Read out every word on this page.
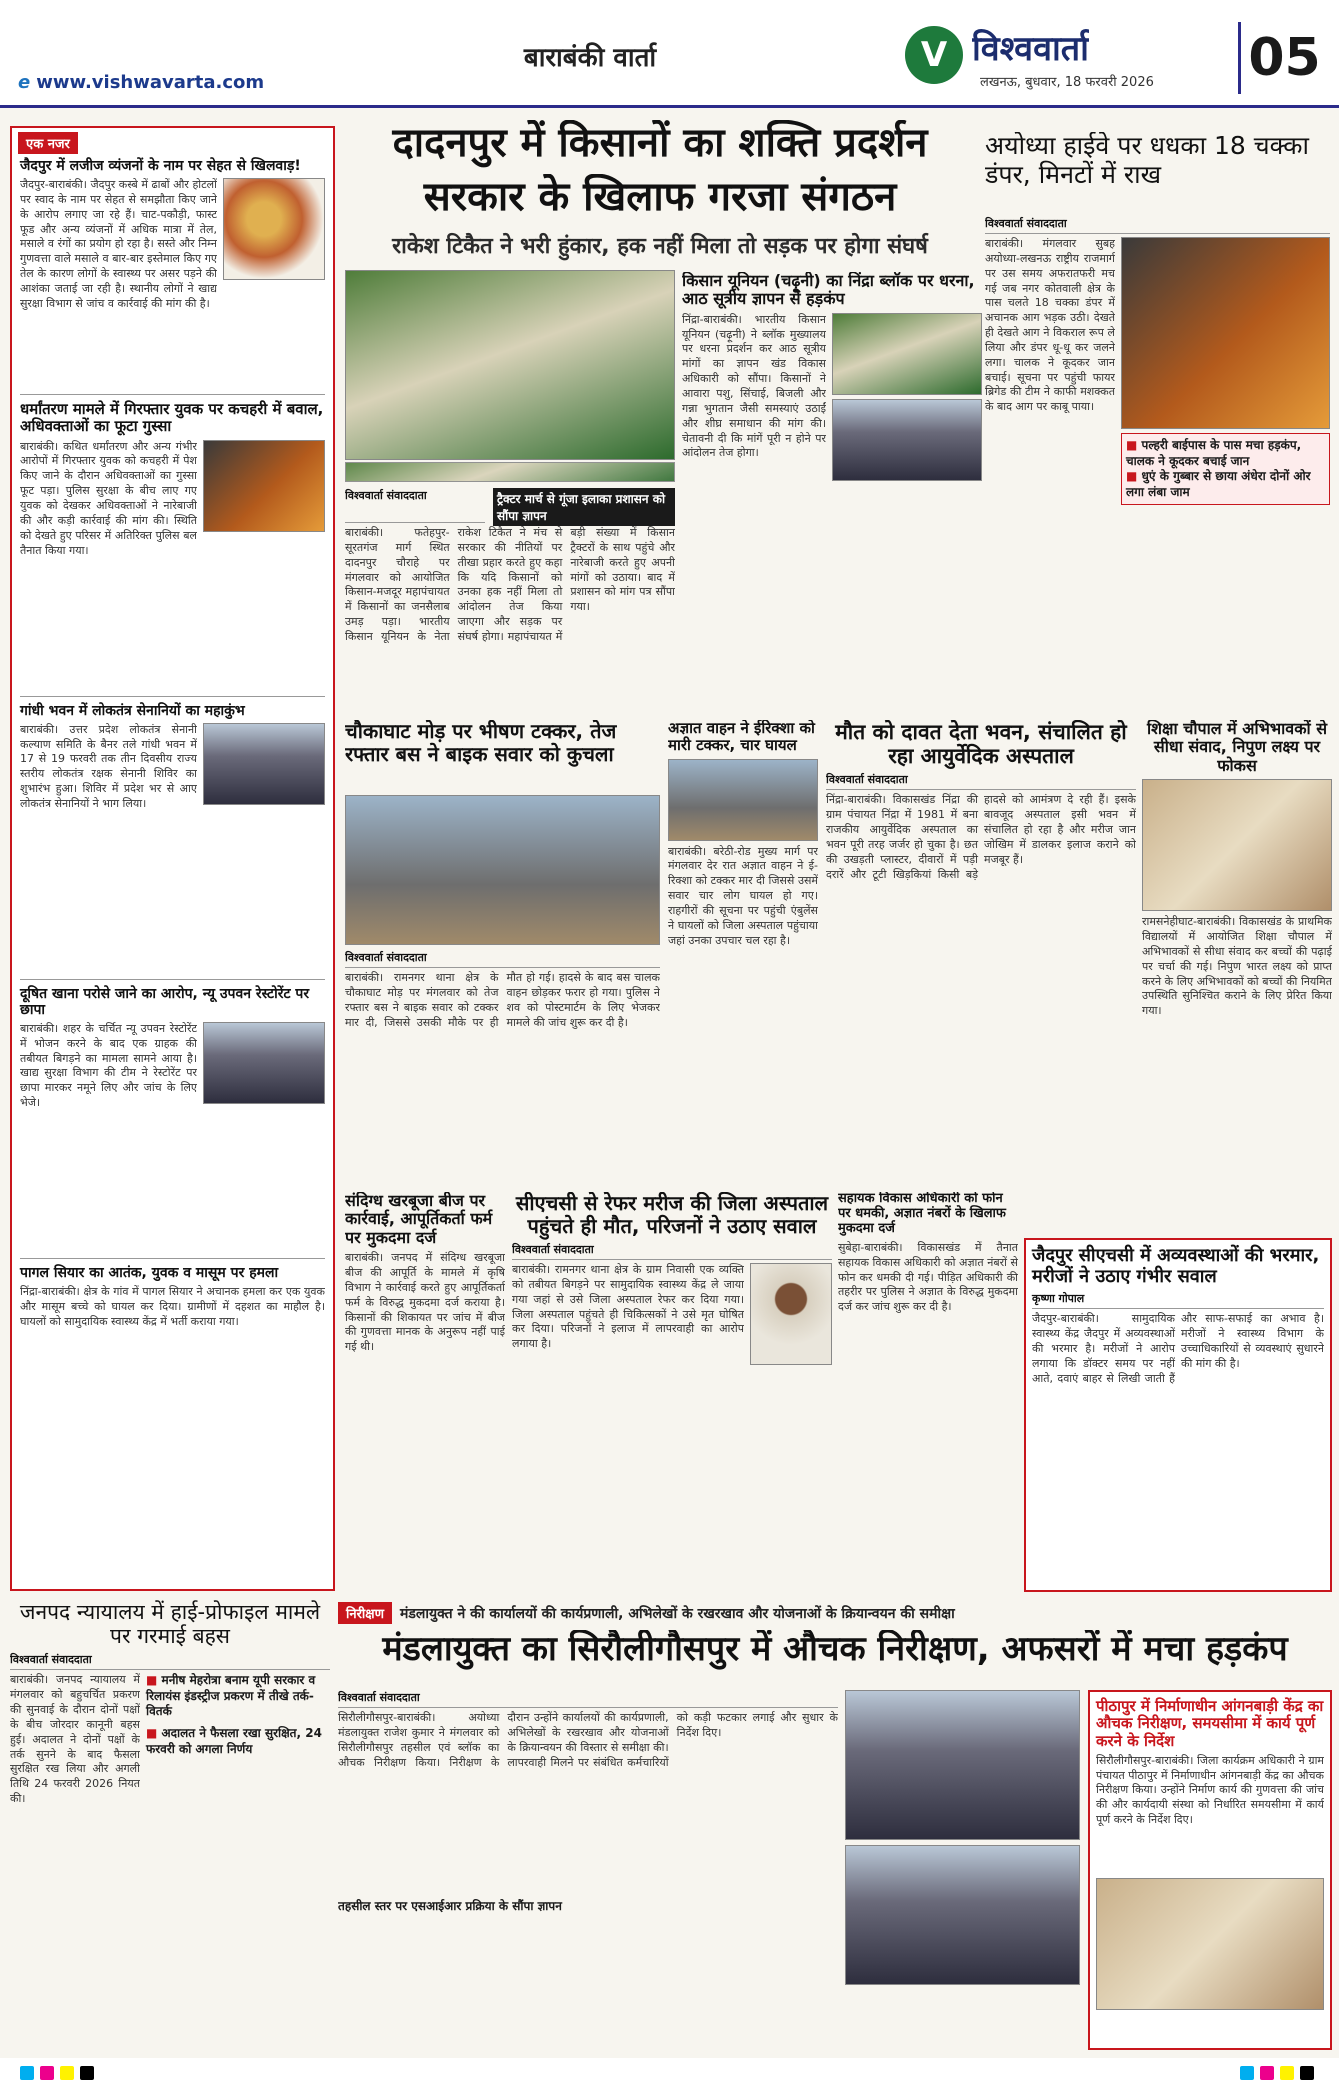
e www.vishwavarta.com
बाराबंकी वार्ता	V विश्ववार्ता
लखनऊ, बुधवार, 18 फरवरी 2026 05
एक नजर
जैदपुर में लजीज व्यंजनों के नाम पर सेहत से खिलवाड़!
जैदपुर-बाराबंकी। जैदपुर कस्बे में ढाबों और होटलों पर स्वाद के नाम पर सेहत से समझौता किए जाने के आरोप लगाए जा रहे हैं। चाट-पकौड़ी, फास्ट फूड और अन्य व्यंजनों में अधिक मात्रा में तेल, मसाले व रंगों का प्रयोग हो रहा है। सस्ते और निम्न गुणवत्ता वाले मसाले व बार-बार इस्तेमाल किए गए तेल के कारण लोगों के स्वास्थ्य पर असर पड़ने की आशंका जताई जा रही है। स्थानीय लोगों ने खाद्य सुरक्षा विभाग से जांच व कार्रवाई की मांग की है।
धर्मांतरण मामले में गिरफ्तार युवक पर कचहरी में बवाल, अधिवक्ताओं का फूटा गुस्सा
बाराबंकी। कथित धर्मांतरण और अन्य गंभीर आरोपों में गिरफ्तार युवक को कचहरी में पेश किए जाने के दौरान अधिवक्ताओं का गुस्सा फूट पड़ा। पुलिस सुरक्षा के बीच लाए गए युवक को देखकर अधिवक्ताओं ने नारेबाजी की और कड़ी कार्रवाई की मांग की। स्थिति को देखते हुए परिसर में अतिरिक्त पुलिस बल तैनात किया गया।
गांधी भवन में लोकतंत्र सेनानियों का महाकुंभ
बाराबंकी। उत्तर प्रदेश लोकतंत्र सेनानी कल्याण समिति के बैनर तले गांधी भवन में 17 से 19 फरवरी तक तीन दिवसीय राज्य स्तरीय लोकतंत्र रक्षक सेनानी शिविर का शुभारंभ हुआ। शिविर में प्रदेश भर से आए लोकतंत्र सेनानियों ने भाग लिया।
दूषित खाना परोसे जाने का आरोप, न्यू उपवन रेस्टोरेंट पर छापा
बाराबंकी। शहर के चर्चित न्यू उपवन रेस्टोरेंट में भोजन करने के बाद एक ग्राहक की तबीयत बिगड़ने का मामला सामने आया है। खाद्य सुरक्षा विभाग की टीम ने रेस्टोरेंट पर छापा मारकर नमूने लिए और जांच के लिए भेजे।
पागल सियार का आतंक, युवक व मासूम पर हमला
निंद्रा-बाराबंकी। क्षेत्र के गांव में पागल सियार ने अचानक हमला कर एक युवक और मासूम बच्चे को घायल कर दिया। ग्रामीणों में दहशत का माहौल है। घायलों को सामुदायिक स्वास्थ्य केंद्र में भर्ती कराया गया।
दादनपुर में किसानों का शक्ति प्रदर्शन
सरकार के खिलाफ गरजा संगठन
राकेश टिकैत ने भरी हुंकार, हक नहीं मिला तो सड़क पर होगा संघर्ष
विश्ववार्ता संवाददाता	ट्रैक्टर मार्च से गूंजा इलाका प्रशासन को सौंपा ज्ञापन
बाराबंकी। फतेहपुर-सूरतगंज मार्ग स्थित दादनपुर चौराहे पर मंगलवार को आयोजित किसान-मजदूर महापंचायत में किसानों का जनसैलाब उमड़ पड़ा। भारतीय किसान यूनियन के नेता राकेश टिकैत ने मंच से सरकार की नीतियों पर तीखा प्रहार करते हुए कहा कि यदि किसानों को उनका हक नहीं मिला तो आंदोलन तेज किया जाएगा और सड़क पर संघर्ष होगा। महापंचायत में बड़ी संख्या में किसान ट्रैक्टरों के साथ पहुंचे और नारेबाजी करते हुए अपनी मांगों को उठाया। बाद में प्रशासन को मांग पत्र सौंपा गया।
किसान यूनियन (चढ़ूनी) का निंद्रा ब्लॉक पर धरना, आठ सूत्रीय ज्ञापन से हड़कंप
निंद्रा-बाराबंकी। भारतीय किसान यूनियन (चढ़ूनी) ने ब्लॉक मुख्यालय पर धरना प्रदर्शन कर आठ सूत्रीय मांगों का ज्ञापन खंड विकास अधिकारी को सौंपा। किसानों ने आवारा पशु, सिंचाई, बिजली और गन्ना भुगतान जैसी समस्याएं उठाईं और शीघ्र समाधान की मांग की। चेतावनी दी कि मांगें पूरी न होने पर आंदोलन तेज होगा।
अयोध्या हाईवे पर धधका 18 चक्का डंपर, मिनटों में राख
विश्ववार्ता संवाददाता
बाराबंकी। मंगलवार सुबह अयोध्या-लखनऊ राष्ट्रीय राजमार्ग पर उस समय अफरातफरी मच गई जब नगर कोतवाली क्षेत्र के पास चलते 18 चक्का डंपर में अचानक आग भड़क उठी। देखते ही देखते आग ने विकराल रूप ले लिया और डंपर धू-धू कर जलने लगा। चालक ने कूदकर जान बचाई। सूचना पर पहुंची फायर ब्रिगेड की टीम ने काफी मशक्कत के बाद आग पर काबू पाया।
■ पल्हरी बाईपास के पास मचा हड़कंप, चालक ने कूदकर बचाई जान
■ धुएं के गुब्बार से छाया अंधेरा दोनों ओर लगा लंबा जाम
चौकाघाट मोड़ पर भीषण टक्कर, तेज रफ्तार बस ने बाइक सवार को कुचला
विश्ववार्ता संवाददाता
बाराबंकी। रामनगर थाना क्षेत्र के चौकाघाट मोड़ पर मंगलवार को तेज रफ्तार बस ने बाइक सवार को टक्कर मार दी, जिससे उसकी मौके पर ही मौत हो गई। हादसे के बाद बस चालक वाहन छोड़कर फरार हो गया। पुलिस ने शव को पोस्टमार्टम के लिए भेजकर मामले की जांच शुरू कर दी है।
अज्ञात वाहन ने ईरिक्शा को मारी टक्कर, चार घायल
बाराबंकी। बरेठी-रोड मुख्य मार्ग पर मंगलवार देर रात अज्ञात वाहन ने ई-रिक्शा को टक्कर मार दी जिससे उसमें सवार चार लोग घायल हो गए। राहगीरों की सूचना पर पहुंची एंबुलेंस ने घायलों को जिला अस्पताल पहुंचाया जहां उनका उपचार चल रहा है।
मौत को दावत देता भवन, संचालित हो रहा आयुर्वेदिक अस्पताल
विश्ववार्ता संवाददाता
निंद्रा-बाराबंकी। विकासखंड निंद्रा की ग्राम पंचायत निंद्रा में 1981 में बना राजकीय आयुर्वेदिक अस्पताल का भवन पूरी तरह जर्जर हो चुका है। छत की उखड़ती प्लास्टर, दीवारों में पड़ी दरारें और टूटी खिड़कियां किसी बड़े हादसे को आमंत्रण दे रही हैं। इसके बावजूद अस्पताल इसी भवन में संचालित हो रहा है और मरीज जान जोखिम में डालकर इलाज कराने को मजबूर हैं।
शिक्षा चौपाल में अभिभावकों से सीधा संवाद, निपुण लक्ष्य पर फोकस
रामसनेहीघाट-बाराबंकी। विकासखंड के प्राथमिक विद्यालयों में आयोजित शिक्षा चौपाल में अभिभावकों से सीधा संवाद कर बच्चों की पढ़ाई पर चर्चा की गई। निपुण भारत लक्ष्य को प्राप्त करने के लिए अभिभावकों को बच्चों की नियमित उपस्थिति सुनिश्चित कराने के लिए प्रेरित किया गया।
संदिग्ध खरबूजा बीज पर कार्रवाई, आपूर्तिकर्ता फर्म पर मुकदमा दर्ज
बाराबंकी। जनपद में संदिग्ध खरबूजा बीज की आपूर्ति के मामले में कृषि विभाग ने कार्रवाई करते हुए आपूर्तिकर्ता फर्म के विरुद्ध मुकदमा दर्ज कराया है। किसानों की शिकायत पर जांच में बीज की गुणवत्ता मानक के अनुरूप नहीं पाई गई थी।
सीएचसी से रेफर मरीज की जिला अस्पताल पहुंचते ही मौत, परिजनों ने उठाए सवाल
विश्ववार्ता संवाददाता
बाराबंकी। रामनगर थाना क्षेत्र के ग्राम निवासी एक व्यक्ति को तबीयत बिगड़ने पर सामुदायिक स्वास्थ्य केंद्र ले जाया गया जहां से उसे जिला अस्पताल रेफर कर दिया गया। जिला अस्पताल पहुंचते ही चिकित्सकों ने उसे मृत घोषित कर दिया। परिजनों ने इलाज में लापरवाही का आरोप लगाया है।
सहायक विकास अधिकारी को फोन पर धमकी, अज्ञात नंबरों के खिलाफ मुकदमा दर्ज
सुबेहा-बाराबंकी। विकासखंड में तैनात सहायक विकास अधिकारी को अज्ञात नंबरों से फोन कर धमकी दी गई। पीड़ित अधिकारी की तहरीर पर पुलिस ने अज्ञात के विरुद्ध मुकदमा दर्ज कर जांच शुरू कर दी है।
जैदपुर सीएचसी में अव्यवस्थाओं की भरमार, मरीजों ने उठाए गंभीर सवाल
कृष्णा गोपाल
जैदपुर-बाराबंकी। सामुदायिक स्वास्थ्य केंद्र जैदपुर में अव्यवस्थाओं की भरमार है। मरीजों ने आरोप लगाया कि डॉक्टर समय पर नहीं आते, दवाएं बाहर से लिखी जाती हैं और साफ-सफाई का अभाव है। मरीजों ने स्वास्थ्य विभाग के उच्चाधिकारियों से व्यवस्थाएं सुधारने की मांग की है।
जनपद न्यायालय में हाई-प्रोफाइल मामले पर गरमाई बहस
विश्ववार्ता संवाददाता
बाराबंकी। जनपद न्यायालय में मंगलवार को बहुचर्चित प्रकरण की सुनवाई के दौरान दोनों पक्षों के बीच जोरदार कानूनी बहस हुई। अदालत ने दोनों पक्षों के तर्क सुनने के बाद फैसला सुरक्षित रख लिया और अगली तिथि 24 फरवरी 2026 नियत की।
■ मनीष मेहरोत्रा बनाम यूपी सरकार व रिलायंस इंडस्ट्रीज प्रकरण में तीखे तर्क-वितर्क
■ अदालत ने फैसला रखा सुरक्षित, 24 फरवरी को अगला निर्णय
निरीक्षण	मंडलायुक्त ने की कार्यालयों की कार्यप्रणाली, अभिलेखों के रखरखाव और योजनाओं के क्रियान्वयन की समीक्षा
मंडलायुक्त का सिरौलीगौसपुर में औचक निरीक्षण, अफसरों में मचा हड़कंप
विश्ववार्ता संवाददाता
सिरौलीगौसपुर-बाराबंकी। अयोध्या मंडलायुक्त राजेश कुमार ने मंगलवार को सिरौलीगौसपुर तहसील एवं ब्लॉक का औचक निरीक्षण किया। निरीक्षण के दौरान उन्होंने कार्यालयों की कार्यप्रणाली, अभिलेखों के रखरखाव और योजनाओं के क्रियान्वयन की विस्तार से समीक्षा की। लापरवाही मिलने पर संबंधित कर्मचारियों को कड़ी फटकार लगाई और सुधार के निर्देश दिए।
तहसील स्तर पर एसआईआर प्रक्रिया के सौंपा ज्ञापन
पीठापुर में निर्माणाधीन आंगनबाड़ी केंद्र का औचक निरीक्षण, समयसीमा में कार्य पूर्ण करने के निर्देश
सिरौलीगौसपुर-बाराबंकी। जिला कार्यक्रम अधिकारी ने ग्राम पंचायत पीठापुर में निर्माणाधीन आंगनबाड़ी केंद्र का औचक निरीक्षण किया। उन्होंने निर्माण कार्य की गुणवत्ता की जांच की और कार्यदायी संस्था को निर्धारित समयसीमा में कार्य पूर्ण करने के निर्देश दिए।
